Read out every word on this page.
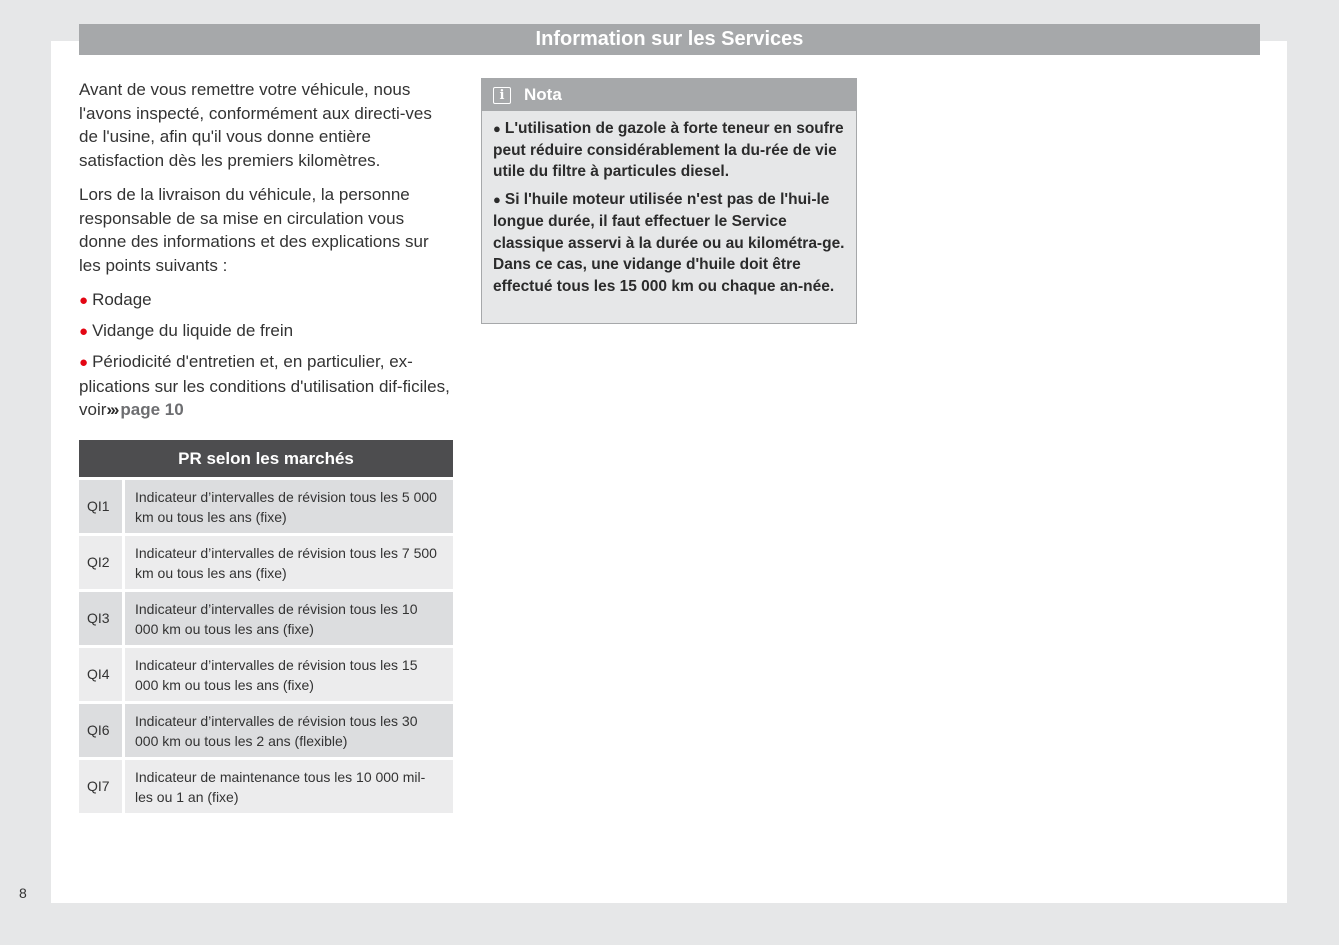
Information sur les Services

Avant de vous remettre votre véhicule, nous l'avons inspecté, conformément aux directi-ves de l'usine, afin qu'il vous donne entière satisfaction dès les premiers kilomètres.

Lors de la livraison du véhicule, la personne responsable de sa mise en circulation vous donne des informations et des explications sur les points suivants :

● Rodage
● Vidange du liquide de frein
● Périodicité d'entretien et, en particulier, ex-plications sur les conditions d'utilisation dif-ficiles, voir››› page 10
PR selon les marchés
QI1
Indicateur d’intervalles de révision tous les 5 000 km ou tous les ans (fixe)
QI2
Indicateur d’intervalles de révision tous les 7 500 km ou tous les ans (fixe)
QI3
Indicateur d’intervalles de révision tous les 10 000 km ou tous les ans (fixe)
QI4
Indicateur d’intervalles de révision tous les 15 000 km ou tous les ans (fixe)
QI6
Indicateur d’intervalles de révision tous les 30 000 km ou tous les 2 ans (flexible)
QI7
Indicateur de maintenance tous les 10 000 mil-les ou 1 an (fixe)
i	Nota

● L'utilisation de gazole à forte teneur en soufre peut réduire considérablement la du-rée de vie utile du filtre à particules diesel.

● Si l'huile moteur utilisée n'est pas de l'hui-le longue durée, il faut effectuer le Service classique asservi à la durée ou au kilométra-ge. Dans ce cas, une vidange d'huile doit être effectué tous les 15 000 km ou chaque an-née.

8
